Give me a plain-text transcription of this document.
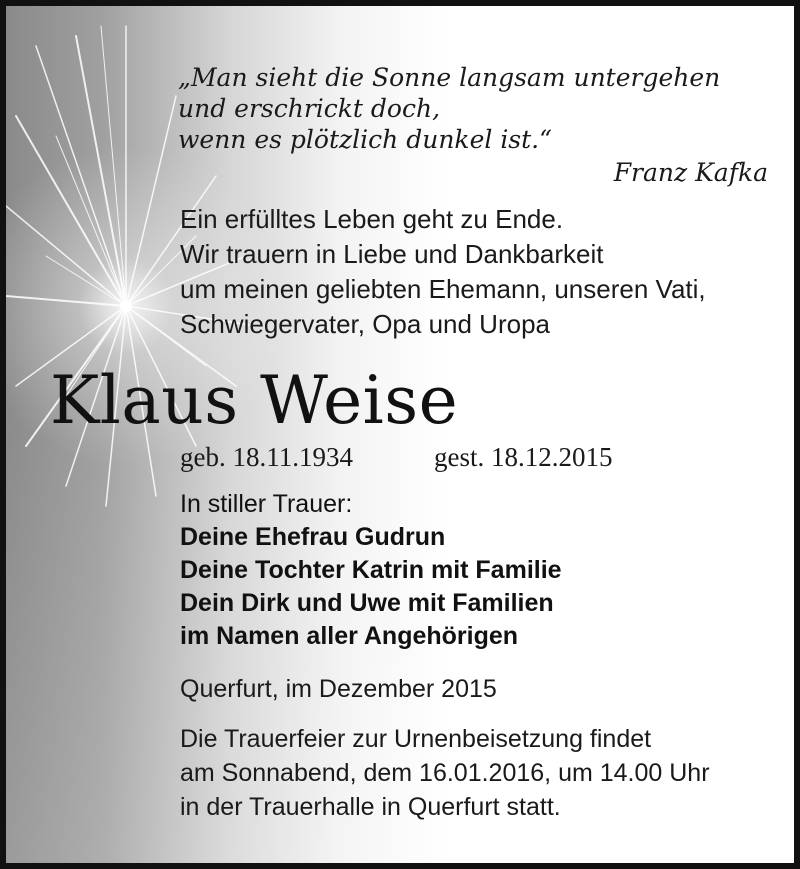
„Man sieht die Sonne langsam untergehen
und erschrickt doch,
wenn es plötzlich dunkel ist.“
Franz Kafka
Ein erfülltes Leben geht zu Ende.
Wir trauern in Liebe und Dankbarkeit
um meinen geliebten Ehemann, unseren Vati,
Schwiegervater, Opa und Uropa
Klaus Weise
geb. 18.11.1934	gest. 18.12.2015
In stiller Trauer:
Deine Ehefrau Gudrun
Deine Tochter Katrin mit Familie
Dein Dirk und Uwe mit Familien
im Namen aller Angehörigen
Querfurt, im Dezember 2015
Die Trauerfeier zur Urnenbeisetzung findet
am Sonnabend, dem 16.01.2016, um 14.00 Uhr
in der Trauerhalle in Querfurt statt.
